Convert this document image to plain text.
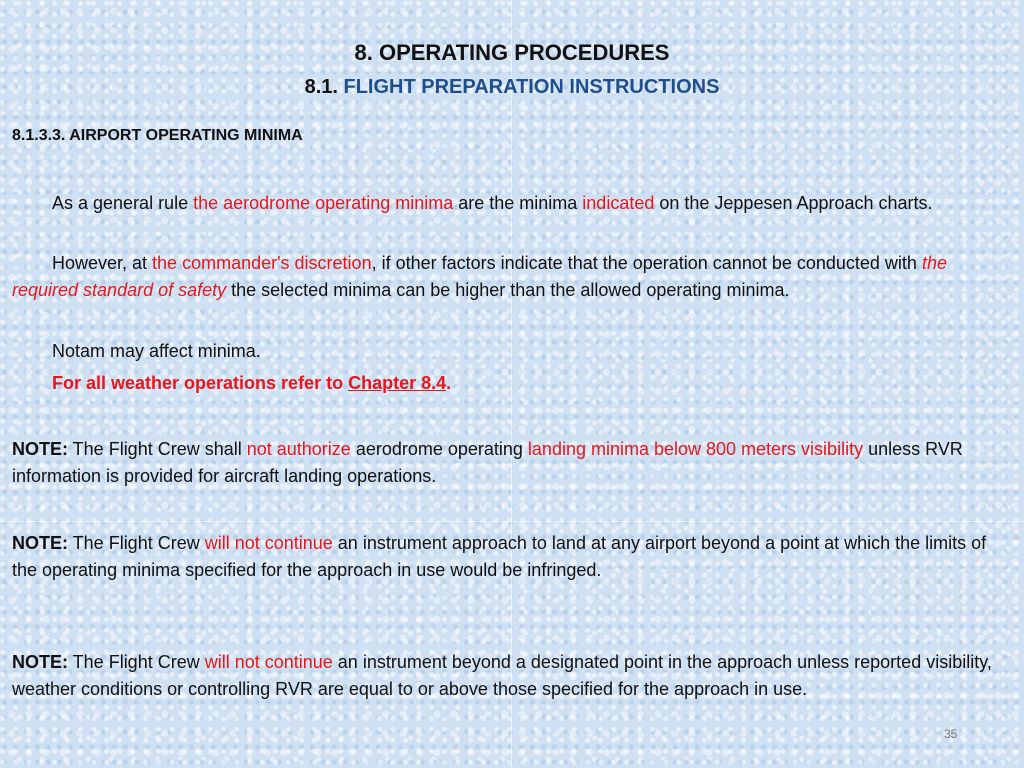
8. OPERATING PROCEDURES
8.1. FLIGHT PREPARATION INSTRUCTIONS
8.1.3.3. AIRPORT OPERATING MINIMA
As a general rule the aerodrome operating minima are the minima indicated on the Jeppesen Approach charts.
However, at the commander's discretion, if other factors indicate that the operation cannot be conducted with the required standard of safety the selected minima can be higher than the allowed operating minima.
Notam may affect minima.
For all weather operations refer to Chapter 8.4.
NOTE: The Flight Crew shall not authorize aerodrome operating landing minima below 800 meters visibility unless RVR information is provided for aircraft landing operations.
NOTE: The Flight Crew will not continue an instrument approach to land at any airport beyond a point at which the limits of the operating minima specified for the approach in use would be infringed.
NOTE: The Flight Crew will not continue an instrument beyond a designated point in the approach unless reported visibility, weather conditions or controlling RVR are equal to or above those specified for the approach in use.
35
